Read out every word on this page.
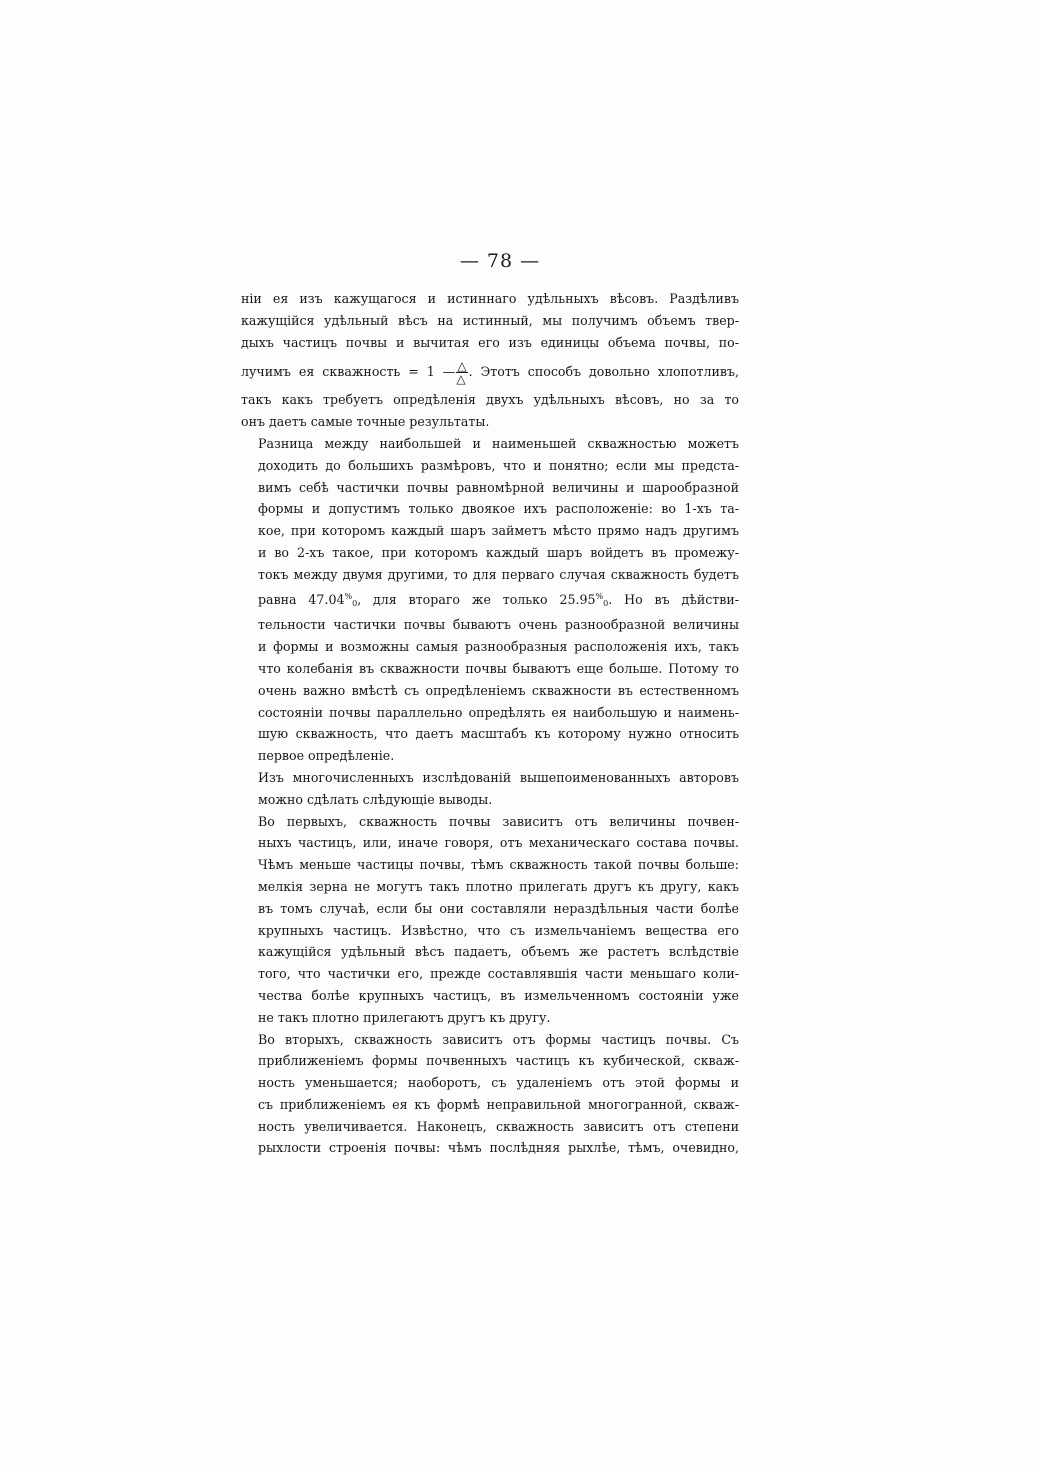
— 78 —
ніи ея изъ кажущагося и истиннаго удѣльныхъ вѣсовъ. Раздѣливъ
кажущійся удѣльный вѣсъ на истинный, мы получимъ объемъ твер-
дыхъ частицъ почвы и вычитая его изъ единицы объема почвы, по-
лучимъ ея скважность = 1 — $\frac{\triangle}{\triangle}$ . Этотъ способъ довольно хлопотливъ,
такъ какъ требуетъ опредѣленія двухъ удѣльныхъ вѣсовъ, но за то
онъ даетъ самые точные результаты.
Разница между наибольшей и наименьшей скважностью можетъ
доходить до большихъ размѣровъ, что и понятно; если мы предста-
вимъ себѣ частички почвы равномѣрной величины и шарообразной
формы и допустимъ только двоякое ихъ расположеніе: во 1-хъ та-
кое, при которомъ каждый шаръ займетъ мѣсто прямо надъ другимъ
и во 2-хъ такое, при которомъ каждый шаръ войдетъ въ промежу-
токъ между двумя другими, то для перваго случая скважность будетъ
равна $47.04^{\%}_0$, для втораго же только $25.95^{\%}_0$. Но въ дѣйстви-
тельности частички почвы бываютъ очень разнообразной величины
и формы и возможны самыя разнообразныя расположенія ихъ, такъ
что колебанія въ скважности почвы бываютъ еще больше. Потому то
очень важно вмѣстѣ съ опредѣленіемъ скважности въ естественномъ
состояніи почвы параллельно опредѣлять ея наибольшую и наимень-
шую скважность, что даетъ масштабъ къ которому нужно относить
первое опредѣленіе.
Изъ многочисленныхъ изслѣдованій вышепоименованныхъ авторовъ
можно сдѣлать слѣдующіе выводы.
Во первыхъ, скважность почвы зависитъ отъ величины почвен-
ныхъ частицъ, или, иначе говоря, отъ механическаго состава почвы.
Чѣмъ меньше частицы почвы, тѣмъ скважность такой почвы больше:
мелкія зерна не могутъ такъ плотно прилегать другъ къ другу, какъ
въ томъ случаѣ, если бы они составляли нераздѣльныя части болѣе
крупныхъ частицъ. Извѣстно, что съ измельчаніемъ вещества его
кажущійся удѣльный вѣсъ падаетъ, объемъ же растетъ вслѣдствіе
того, что частички его, прежде составлявшія части меньшаго коли-
чества болѣе крупныхъ частицъ, въ измельченномъ состояніи уже
не такъ плотно прилегаютъ другъ къ другу.
Во вторыхъ, скважность зависитъ отъ формы частицъ почвы. Съ
приближеніемъ формы почвенныхъ частицъ къ кубической, сквaж-
ность уменьшается; наоборотъ, съ удаленіемъ отъ этой формы и
съ приближеніемъ ея къ формѣ неправильной многогранной, сквaж-
ность увеличивается. Наконецъ, скважность зависитъ отъ степени
рыхлости строенія почвы: чѣмъ послѣдняя рыхлѣе, тѣмъ, очевидно,
